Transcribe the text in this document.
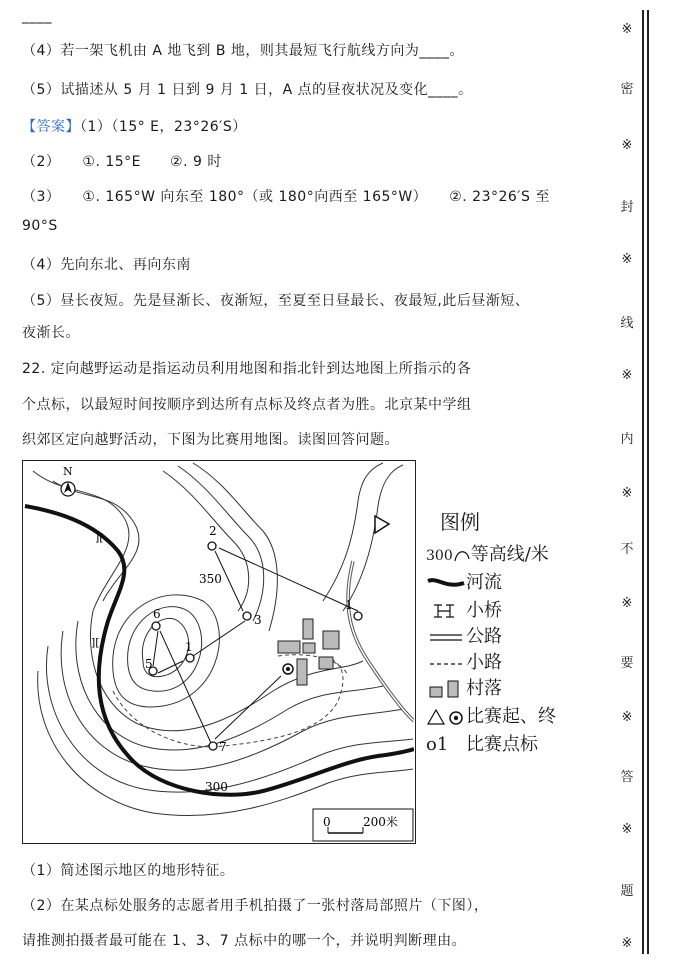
____
（4）若一架飞机由 A 地飞到 B 地，则其最短飞行航线方向为____。
（5）试描述从 5 月 1 日到 9 月 1 日，A 点的昼夜状况及变化____。
【答案】（1）（15° E，23°26′S）
（2）　　①. 15°E　　②. 9 时
（3）　　①. 165°W 向东至 180°（或 180°向西至 165°W）　　②. 23°26′S 至
90°S
（4）先向东北、再向东南
（5）昼长夜短。先是昼渐长、夜渐短，至夏至日昼最长、夜最短,此后昼渐短、
夜渐长。
22. 定向越野运动是指运动员利用地图和指北针到达地图上所指示的各
个点标，以最短时间按顺序到达所有点标及终点者为胜。北京某中学组
织郊区定向越野活动，下图为比赛用地图。读图回答问题。
（1）简述图示地区的地形特征。
（2）在某点标处服务的志愿者用手机拍摄了一张村落局部照片（下图），
请推测拍摄者最可能在 1、3、7 点标中的哪一个，并说明判断理由。
][
][
N
2
350
3
1
6
5
1
7
300
0	200米
图例
300 等高线/米
河流
小桥
公路
小路
村落
比赛起、终
o1 比赛点标
※
密
※
封
※
线
※
内
※
不
※
要
※
答
※
题
※
